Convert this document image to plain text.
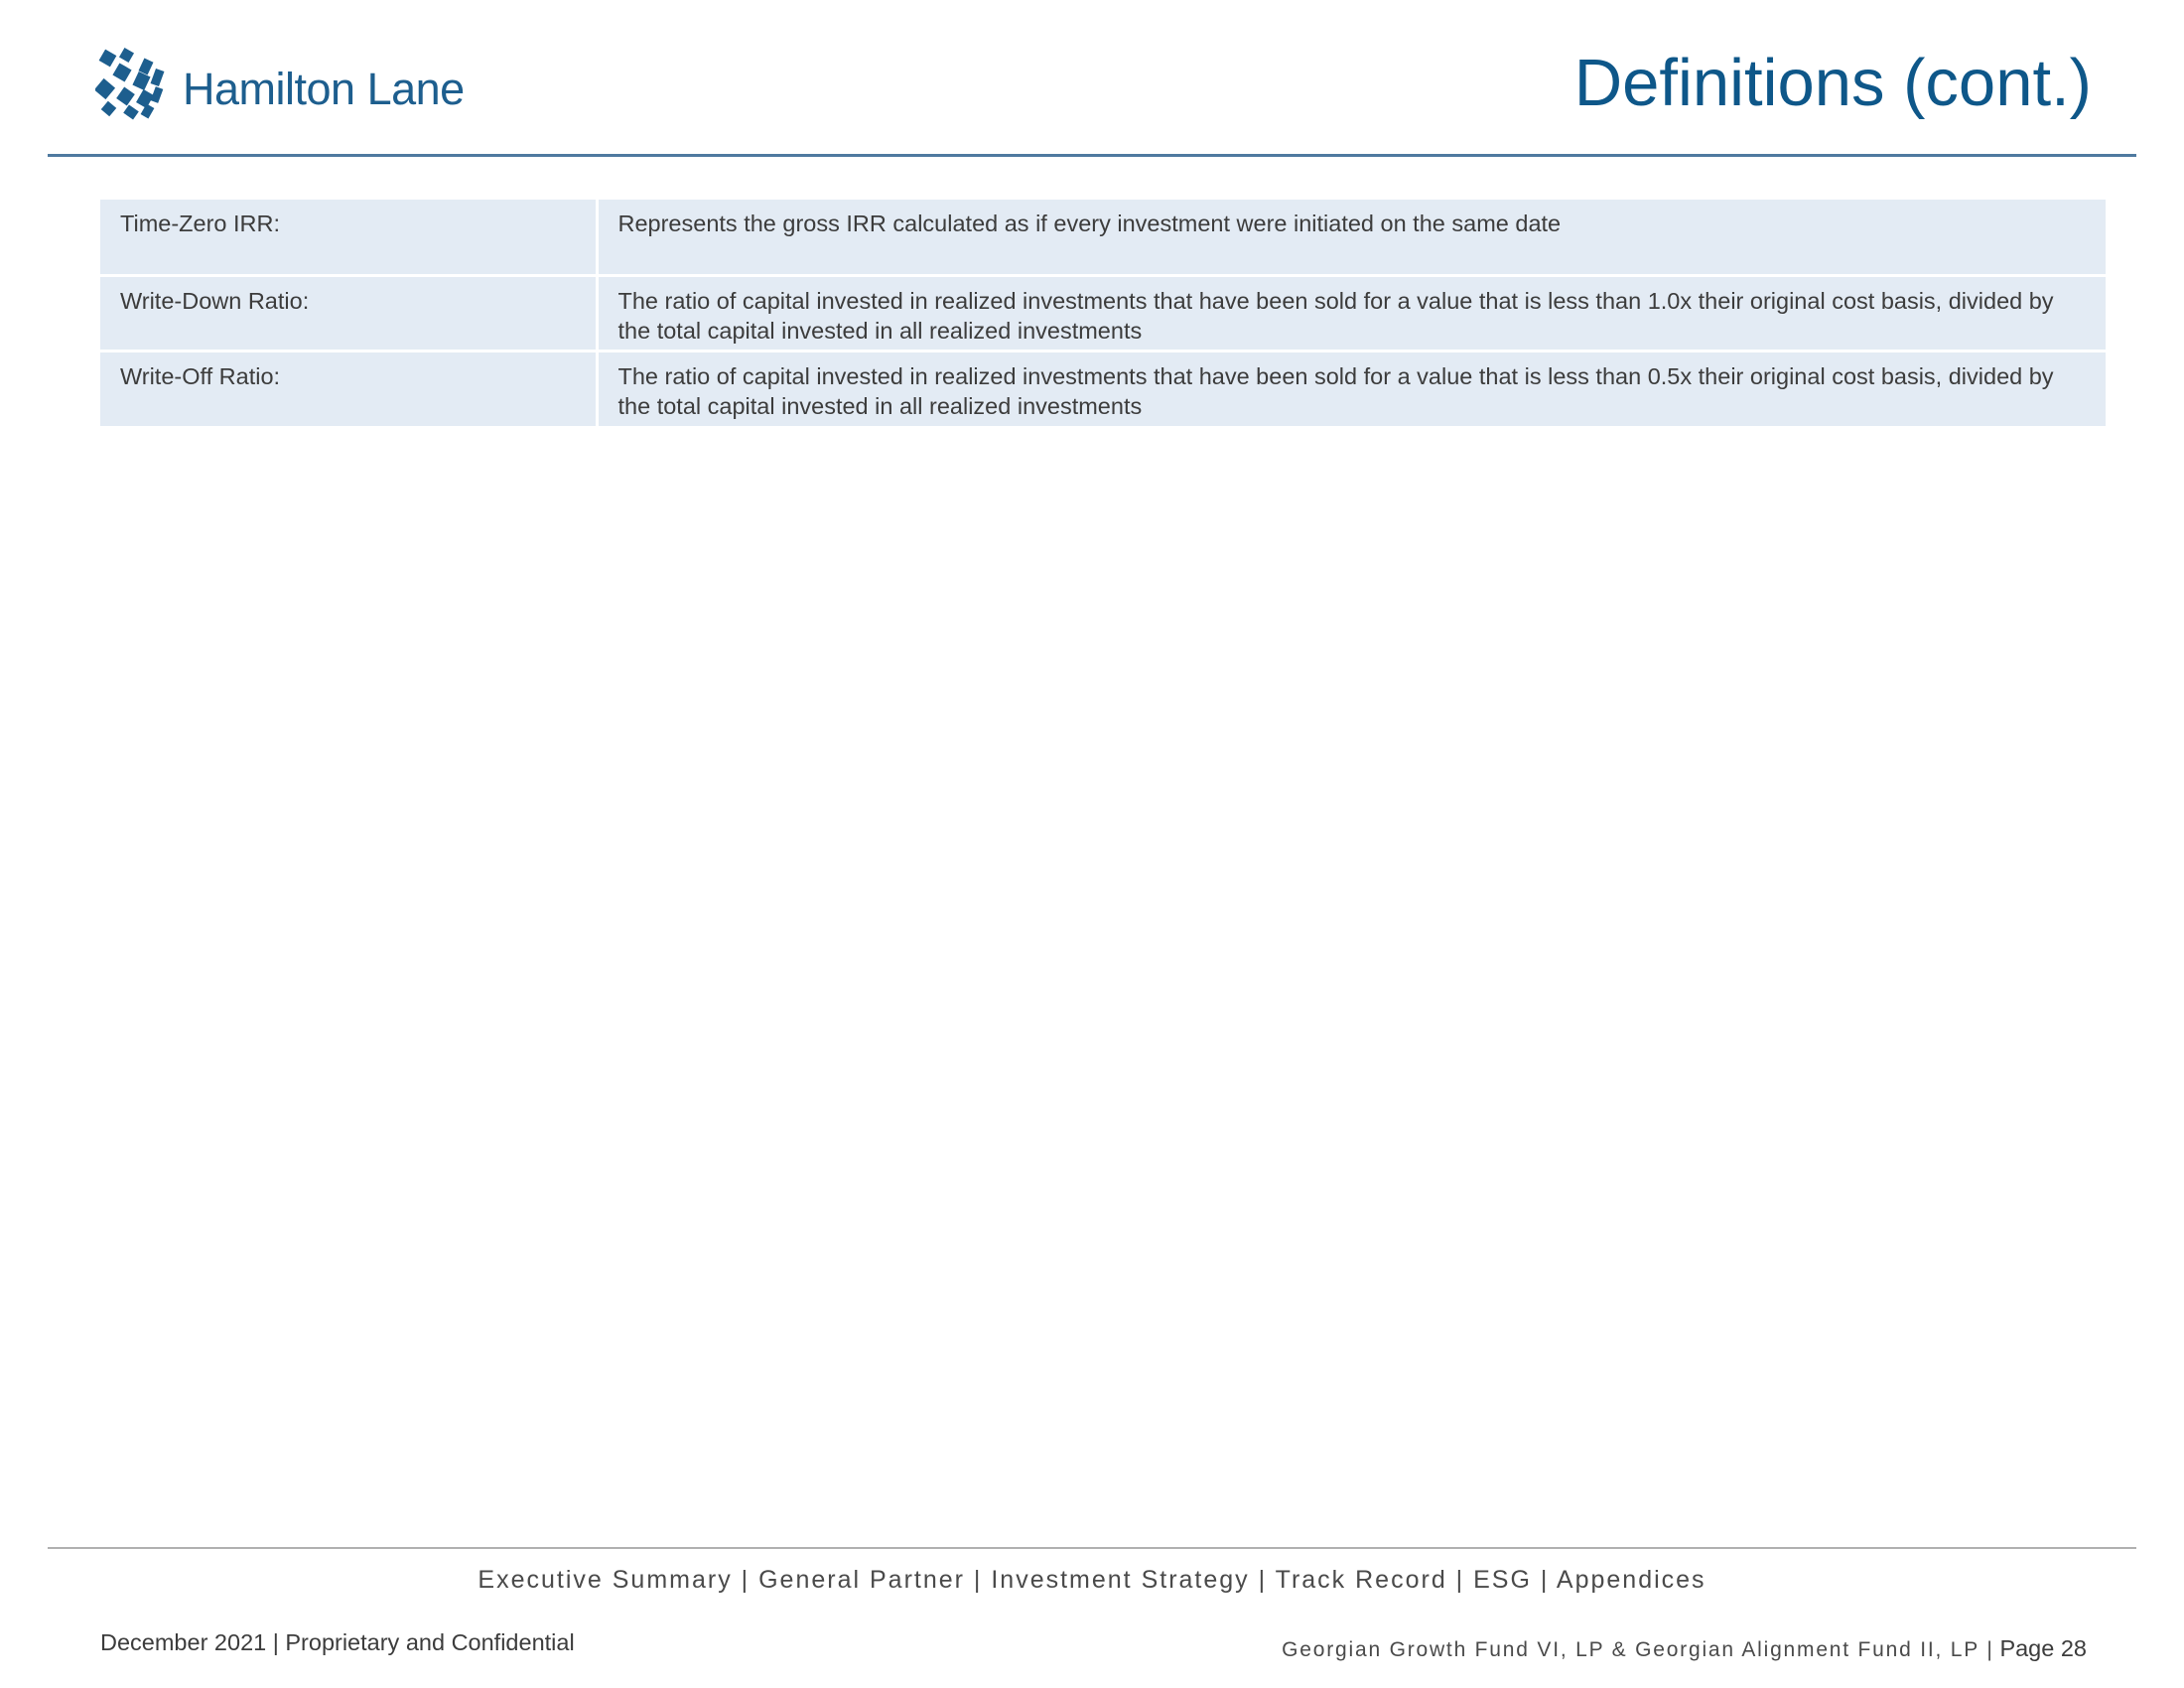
Hamilton Lane	Definitions (cont.)
Time-Zero IRR:	Represents the gross IRR calculated as if every investment were initiated on the same date
Write-Down Ratio:	The ratio of capital invested in realized investments that have been sold for a value that is less than 1.0x their original cost basis, divided by the total capital invested in all realized investments
Write-Off Ratio:	The ratio of capital invested in realized investments that have been sold for a value that is less than 0.5x their original cost basis, divided by the total capital invested in all realized investments
Executive Summary | General Partner | Investment Strategy | Track Record | ESG | Appendices
December 2021 | Proprietary and Confidential	Georgian Growth Fund VI, LP & Georgian Alignment Fund II, LP | Page 28
